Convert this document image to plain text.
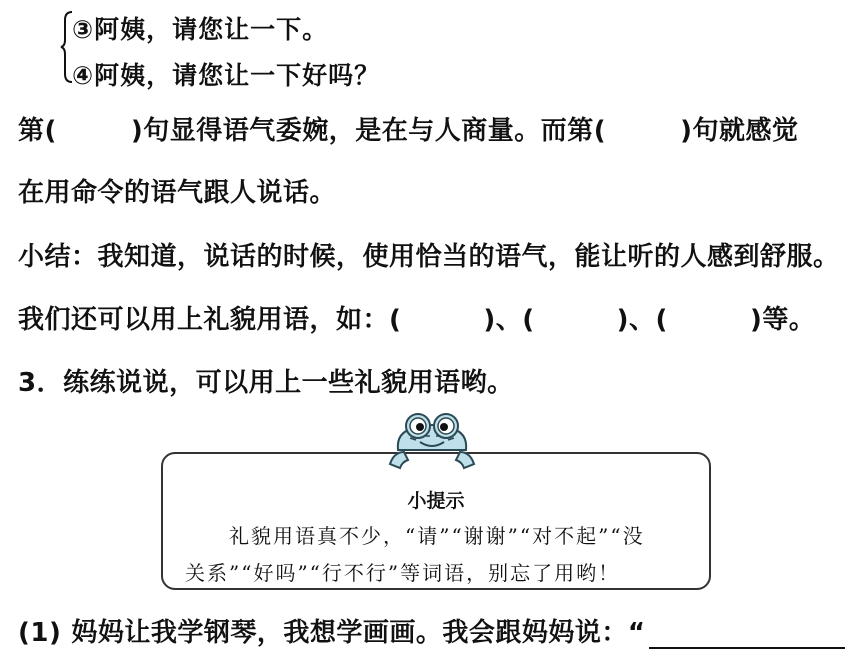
③阿姨，请您让一下。
④阿姨，请您让一下好吗？
第(	)句显得语气委婉，是在与人商量。而第(	)句就感觉
在用命令的语气跟人说话。
小结：我知道，说话的时候，使用恰当的语气，能让听的人感到舒服。
我们还可以用上礼貌用语，如：(	)、(	)、(	)等。
3．练练说说，可以用上一些礼貌用语哟。
小提示
礼貌用语真不少，“请”“谢谢”“对不起”“没
关系”“好吗”“行不行”等词语，别忘了用哟！
(1) 妈妈让我学钢琴，我想学画画。我会跟妈妈说：“
